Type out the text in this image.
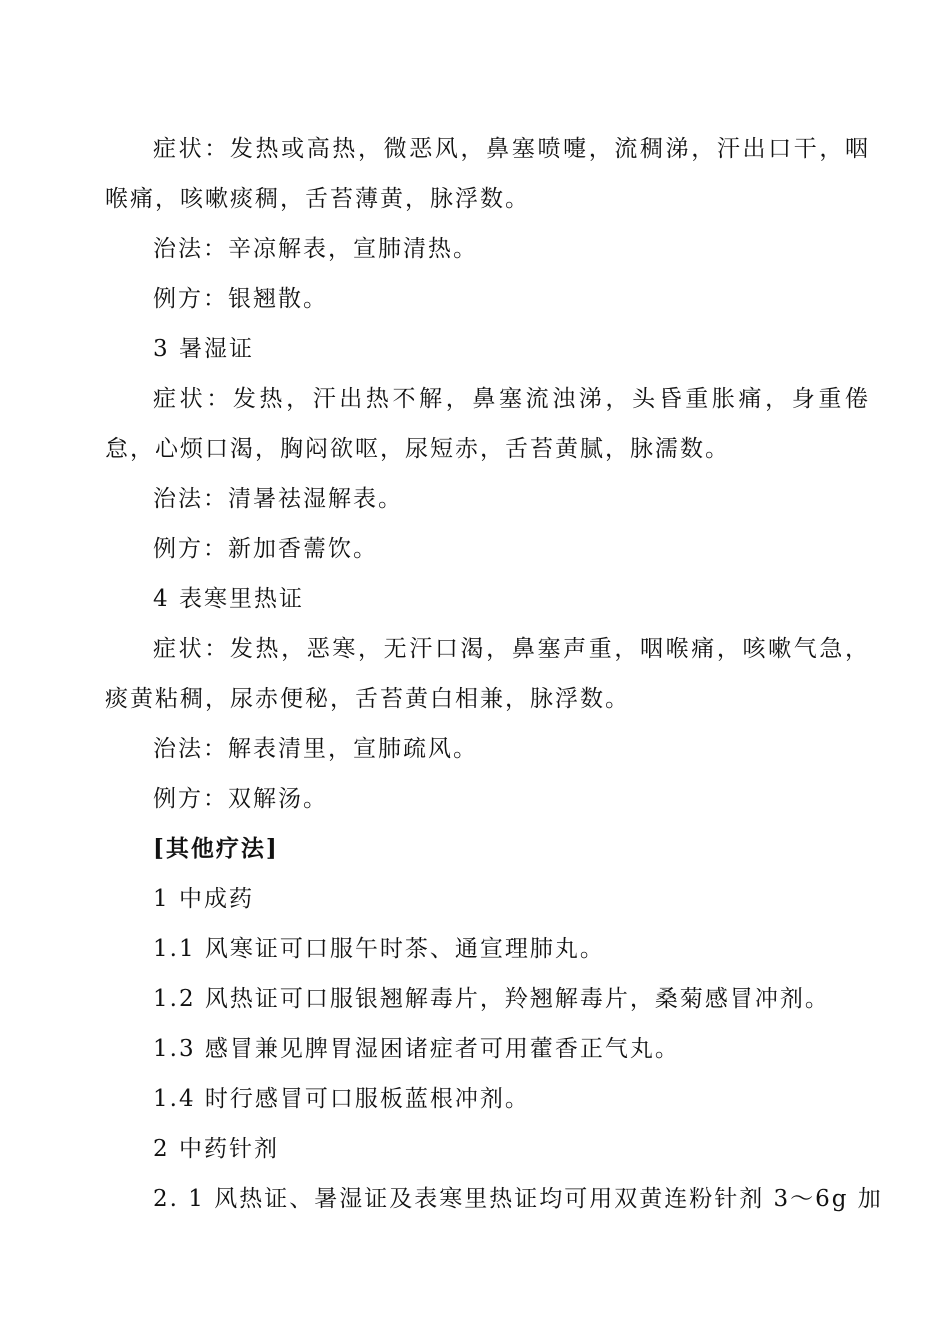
症状：发热或高热，微恶风，鼻塞喷嚏，流稠涕，汗出口干，咽喉痛，咳嗽痰稠，舌苔薄黄，脉浮数。

治法：辛凉解表，宣肺清热。

例方：银翘散。

3 暑湿证

症状：发热，汗出热不解，鼻塞流浊涕，头昏重胀痛，身重倦怠，心烦口渴，胸闷欲呕，尿短赤，舌苔黄腻，脉濡数。

治法：清暑祛湿解表。

例方：新加香薷饮。

4 表寒里热证

症状：发热，恶寒，无汗口渴，鼻塞声重，咽喉痛，咳嗽气急，痰黄粘稠，尿赤便秘，舌苔黄白相兼，脉浮数。

治法：解表清里，宣肺疏风。

例方：双解汤。

[其他疗法]

1 中成药

1.1 风寒证可口服午时茶、通宣理肺丸。

1.2 风热证可口服银翘解毒片，羚翘解毒片，桑菊感冒冲剂。

1.3 感冒兼见脾胃湿困诸症者可用藿香正气丸。

1.4 时行感冒可口服板蓝根冲剂。

2 中药针剂

2. 1 风热证、暑湿证及表寒里热证均可用双黄连粉针剂 3～6g 加
